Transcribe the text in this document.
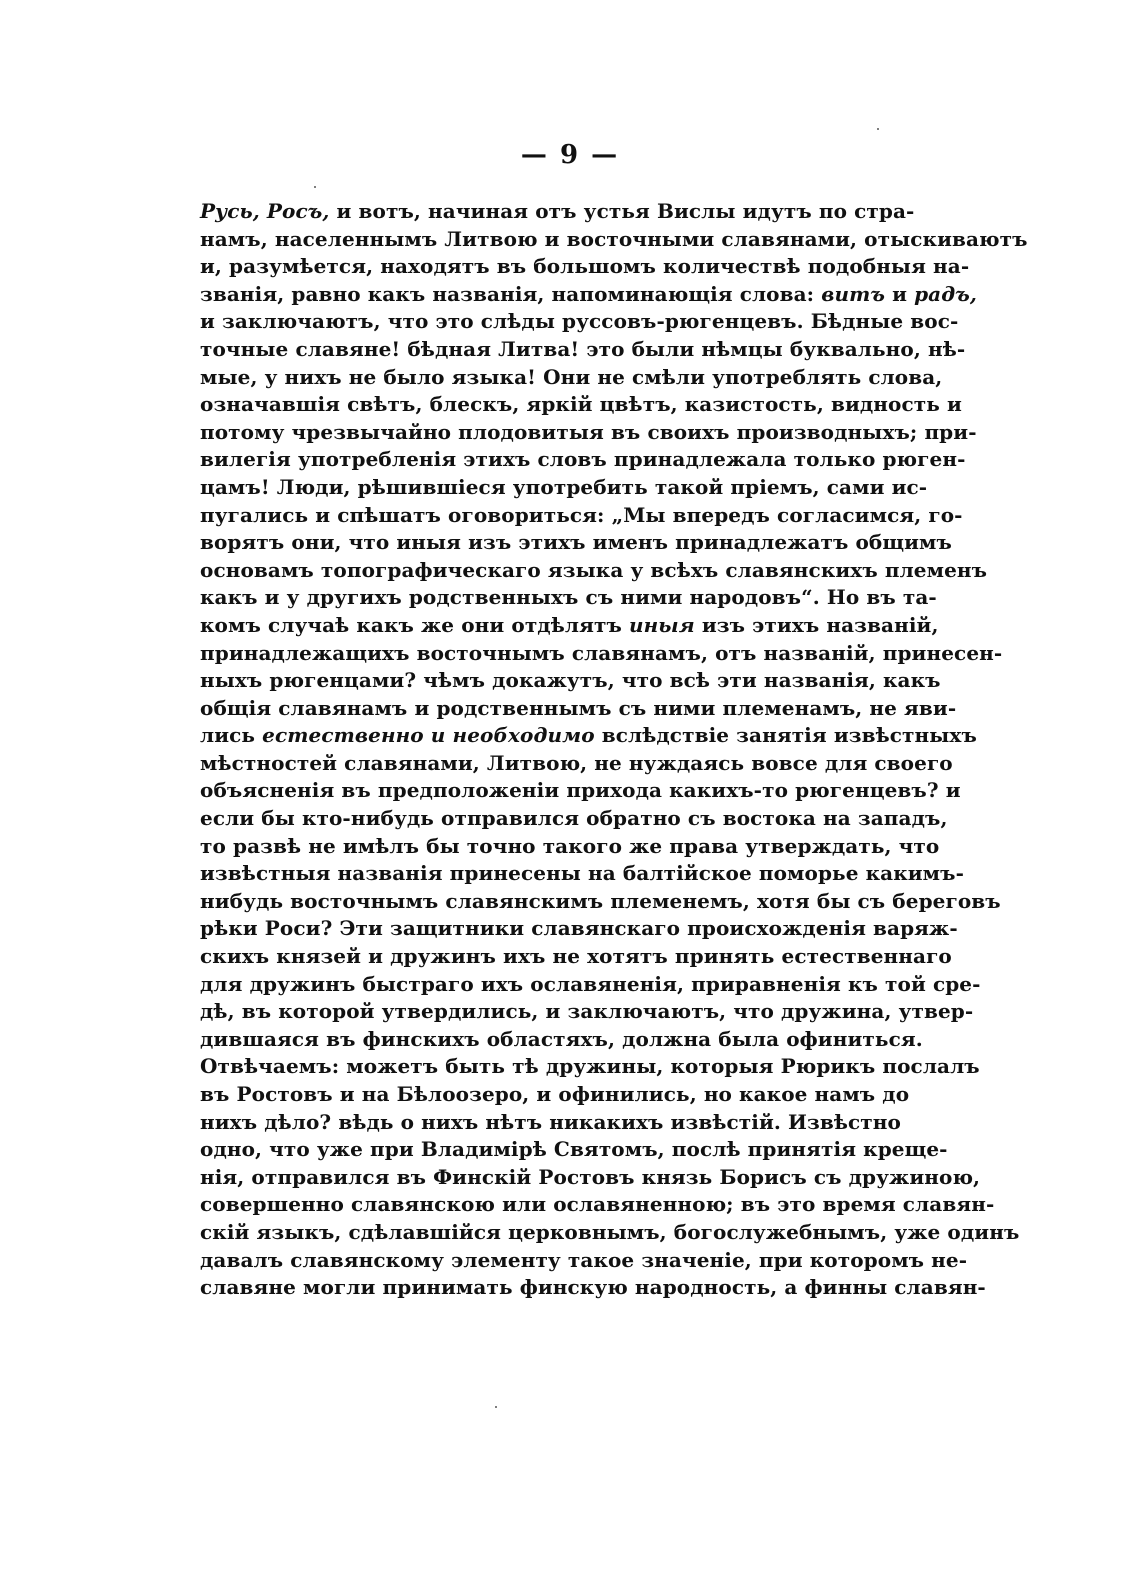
— 9 —
Русь, Росъ, и вотъ, начиная отъ устья Вислы идутъ по стра-
намъ, населеннымъ Литвою и восточными славянами, отыскиваютъ
и, разумѣется, находятъ въ большомъ количествѣ подобныя на-
званія, равно какъ названія, напоминающія слова: витъ и радъ,
и заключаютъ, что это слѣды руссовъ-рюгенцевъ. Бѣдные вос-
точные славяне! бѣдная Литва! это были нѣмцы буквально, нѣ-
мые, у нихъ не было языка! Они не смѣли употреблять слова,
означавшія свѣтъ, блескъ, яркій цвѣтъ, казистость, видность и
потому чрезвычайно плодовитыя въ своихъ производныхъ; при-
вилегія употребленія этихъ словъ принадлежала только рюген-
цамъ! Люди, рѣшившіеся употребить такой пріемъ, сами ис-
пугались и спѣшатъ оговориться: „Мы впередъ согласимся, го-
ворятъ они, что иныя изъ этихъ именъ принадлежатъ общимъ
основамъ топографическаго языка у всѣхъ славянскихъ племенъ
какъ и у другихъ родственныхъ съ ними народовъ“. Но въ та-
комъ случаѣ какъ же они отдѣлятъ иныя изъ этихъ названій,
принадлежащихъ восточнымъ славянамъ, отъ названій, принесен-
ныхъ рюгенцами? чѣмъ докажутъ, что всѣ эти названія, какъ
общія славянамъ и родственнымъ съ ними племенамъ, не яви-
лись естественно и необходимо вслѣдствіе занятія извѣстныхъ
мѣстностей славянами, Литвою, не нуждаясь вовсе для своего
объясненія въ предположеніи прихода какихъ-то рюгенцевъ? и
если бы кто-нибудь отправился обратно съ востока на западъ,
то развѣ не имѣлъ бы точно такого же права утверждать, что
извѣстныя названія принесены на балтійское поморье какимъ-
нибудь восточнымъ славянскимъ племенемъ, хотя бы съ береговъ
рѣки Роси? Эти защитники славянскаго происхожденія варяж-
скихъ князей и дружинъ ихъ не хотятъ принять естественнаго
для дружинъ быстраго ихъ ославяненія, приравненія къ той сре-
дѣ, въ которой утвердились, и заключаютъ, что дружина, утвер-
дившаяся въ финскихъ областяхъ, должна была офиниться.
Отвѣчаемъ: можетъ быть тѣ дружины, которыя Рюрикъ послалъ
въ Ростовъ и на Бѣлоозеро, и офинились, но какое намъ до
нихъ дѣло? вѣдь о нихъ нѣтъ никакихъ извѣстій. Извѣстно
одно, что уже при Владимірѣ Святомъ, послѣ принятія креще-
нія, отправился въ Финскій Ростовъ князь Борисъ съ дружиною,
совершенно славянскою или ославяненною; въ это время славян-
скій языкъ, сдѣлавшійся церковнымъ, богослужебнымъ, уже одинъ
давалъ славянскому элементу такое значеніе, при которомъ не-
славяне могли принимать финскую народность, а финны славян-
